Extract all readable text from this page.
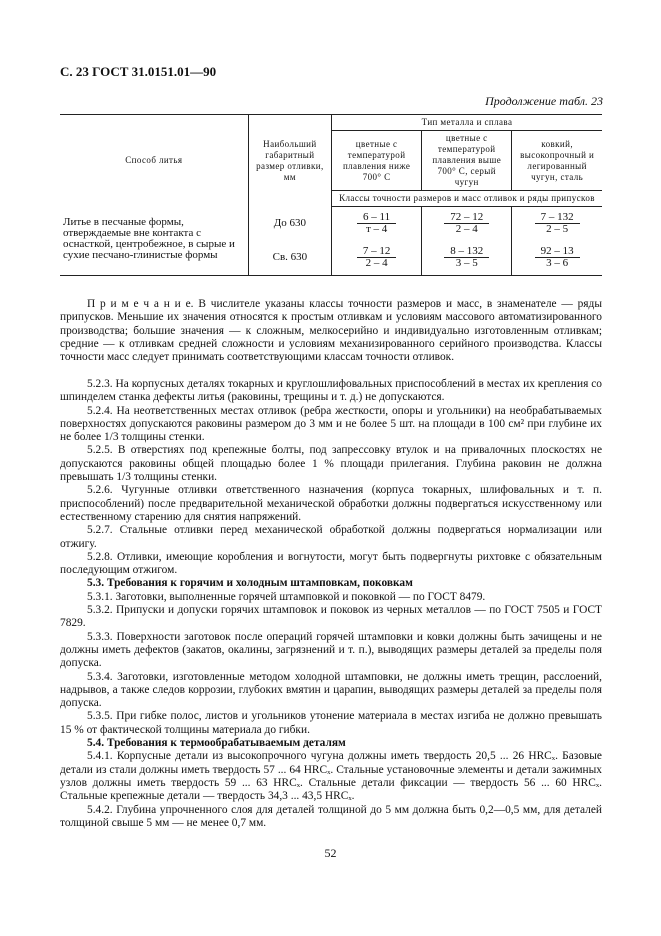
С. 23 ГОСТ 31.0151.01—90
Продолжение табл. 23
Способ литья	Наибольший габаритный размер отливки, мм	Тип металла и сплава		
		цветные с температурой плавления ниже 700° С	цветные с температурой плавления выше 700° С, серый чугун	ковкий, высокопрочный и легированный чугун, сталь
		Классы точности размеров и масс отливок и ряды припусков		
Литье в песчаные формы, отверждаемые вне контакта с оснасткой, центробежное, в сырые и сухие песчано-глинистые формы	До 630	$\frac{6 - 11}{т - 4}$	$\frac{72 - 12}{2 - 4}$	$\frac{7 - 132}{2 - 5}$

	Св. 630	$\frac{7 - 12}{2 - 4}$	$\frac{8 - 132}{3 - 5}$	$\frac{92 - 13}{3 - 6}$

П р и м е ч а н и е. В числителе указаны классы точности размеров и масс, в знаменателе — ряды припусков. Меньшие их значения относятся к простым отливкам и условиям массового автоматизированного производства; большие значения — к сложным, мелкосерийно и индивидуально изготовленным отливкам; средние — к отливкам средней сложности и условиям механизированного серийного производства. Классы точности масс следует принимать соответствующими классам точности отливок.

5.2.3. На корпусных деталях токарных и круглошлифовальных приспособлений в местах их крепления со шпинделем станка дефекты литья (раковины, трещины и т. д.) не допускаются.

5.2.4. На неответственных местах отливок (ребра жесткости, опоры и угольники) на необрабатываемых поверхностях допускаются раковины размером до 3 мм и не более 5 шт. на площади в 100 см² при глубине их не более 1/3 толщины стенки.

5.2.5. В отверстиях под крепежные болты, под запрессовку втулок и на привалочных плоскостях не допускаются раковины общей площадью более 1 % площади прилегания. Глубина раковин не должна превышать 1/3 толщины стенки.

5.2.6. Чугунные отливки ответственного назначения (корпуса токарных, шлифовальных и т. п. приспособлений) после предварительной механической обработки должны подвергаться искусственному или естественному старению для снятия напряжений.

5.2.7. Стальные отливки перед механической обработкой должны подвергаться нормализации или отжигу.

5.2.8. Отливки, имеющие коробления и вогнутости, могут быть подвергнуты рихтовке с обязательным последующим отжигом.

5.3. Требования к горячим и холодным штамповкам, поковкам

5.3.1. Заготовки, выполненные горячей штамповкой и поковкой — по ГОСТ 8479.

5.3.2. Припуски и допуски горячих штамповок и поковок из черных металлов — по ГОСТ 7505 и ГОСТ 7829.

5.3.3. Поверхности заготовок после операций горячей штамповки и ковки должны быть зачищены и не должны иметь дефектов (закатов, окалины, загрязнений и т. п.), выводящих размеры деталей за пределы поля допуска.

5.3.4. Заготовки, изготовленные методом холодной штамповки, не должны иметь трещин, расслоений, надрывов, а также следов коррозии, глубоких вмятин и царапин, выводящих размеры деталей за пределы поля допуска.

5.3.5. При гибке полос, листов и угольников утонение материала в местах изгиба не должно превышать 15 % от фактической толщины материала до гибки.

5.4. Требования к термообрабатываемым деталям

5.4.1. Корпусные детали из высокопрочного чугуна должны иметь твердость 20,5 ... 26 HRCₓ. Базовые детали из стали должны иметь твердость 57 ... 64 HRCₓ. Стальные установочные элементы и детали зажимных узлов должны иметь твердость 59 ... 63 HRCₓ. Стальные детали фиксации — твердость 56 ... 60 HRCₓ. Стальные крепежные детали — твердость 34,3 ... 43,5 HRCₓ.

5.4.2. Глубина упрочненного слоя для деталей толщиной до 5 мм должна быть 0,2—0,5 мм, для деталей толщиной свыше 5 мм — не менее 0,7 мм.

52
